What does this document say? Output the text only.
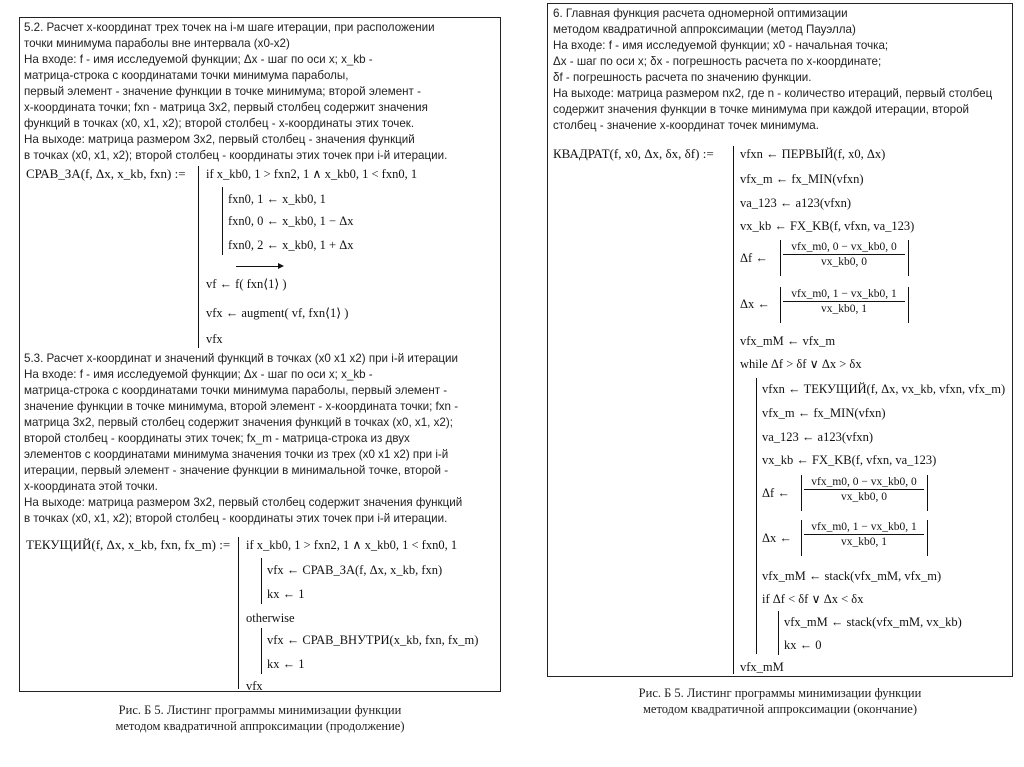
5.2. Расчет x-координат трех точек на i-м шаге итерации, при расположении
точки минимума параболы вне интервала (x0-x2)
На входе: f - имя исследуемой функции; Δx - шаг по оси x; x_kb -
матрица-строка с координатами точки минимума параболы,
первый элемент - значение функции в точке минимума; второй элемент -
x-координата точки; fxn - матрица 3x2, первый столбец содержит значения
функций в точках (x0, x1, x2); второй столбец - x-координаты этих точек.
На выходе: матрица размером 3x2, первый столбец - значения функций
в точках (x0, x1, x2); второй столбец - координаты этих точек при i-й итерации.
СРАВ_ЗА(f, Δx, x_kb, fxn) := if x_kb0, 1 > fxn2, 1 ∧ x_kb0, 1 < fxn0, 1
fxn0, 1 ← x_kb0, 1
fxn0, 0 ← x_kb0, 1 − Δx
fxn0, 2 ← x_kb0, 1 + Δx
vf ← f( fxn⟨1⟩ )
vfx ← augment( vf, fxn⟨1⟩ )
vfx
5.3. Расчет x-координат и значений функций в точках (x0 x1 x2) при i-й итерации
На входе: f - имя исследуемой функции; Δx - шаг по оси x; x_kb -
матрица-строка с координатами точки минимума параболы, первый элемент -
значение функции в точке минимума, второй элемент - x-координата точки; fxn -
матрица 3x2, первый столбец содержит значения функций в точках (x0, x1, x2);
второй столбец - координаты этих точек; fx_m - матрица-строка из двух
элементов с координатами минимума значения точки из трех (x0 x1 x2) при i-й
итерации, первый элемент - значение функции в минимальной точке, второй -
x-координата этой точки.
На выходе: матрица размером 3x2, первый столбец содержит значения функций
в точках (x0, x1, x2); второй столбец - координаты этих точек при i-й итерации.
ТЕКУЩИЙ(f, Δx, x_kb, fxn, fx_m) := if x_kb0, 1 > fxn2, 1 ∧ x_kb0, 1 < fxn0, 1
vfx ← СРАВ_ЗА(f, Δx, x_kb, fxn)
kx ← 1
otherwise
vfx ← СРАВ_ВНУТРИ(x_kb, fxn, fx_m)
kx ← 1
vfx
Рис. Б 5. Листинг программы минимизации функции
методом квадратичной аппроксимации (продолжение)
6. Главная функция расчета одномерной оптимизации
методом квадратичной аппроксимации (метод Пауэлла)
На входе: f - имя исследуемой функции; x0 - начальная точка;
Δx - шаг по оси x; δx - погрешность расчета по x-координате;
δf - погрешность расчета по значению функции.
На выходе: матрица размером nx2, где n - количество итераций, первый столбец
содержит значения функции в точке минимума при каждой итерации, второй
столбец - значение x-координат точек минимума.
КВАДРАТ(f, x0, Δx, δx, δf) := vfxn ← ПЕРВЫЙ(f, x0, Δx)
vfx_m ← fx_MIN(vfxn)
va_123 ← a123(vfxn)
vx_kb ← FX_KB(f, vfxn, va_123)
Δf ←
vfx_m0, 0 − vx_kb0, 0
vx_kb0, 0
Δx ←
vfx_m0, 1 − vx_kb0, 1
vx_kb0, 1
vfx_mM ← vfx_m
while Δf > δf ∨ Δx > δx
vfxn ← ТЕКУЩИЙ(f, Δx, vx_kb, vfxn, vfx_m)
vfx_m ← fx_MIN(vfxn)
va_123 ← a123(vfxn)
vx_kb ← FX_KB(f, vfxn, va_123)
Δf ←
vfx_m0, 0 − vx_kb0, 0
vx_kb0, 0
Δx ←
vfx_m0, 1 − vx_kb0, 1
vx_kb0, 1
vfx_mM ← stack(vfx_mM, vfx_m)
if Δf < δf ∨ Δx < δx
vfx_mM ← stack(vfx_mM, vx_kb)
kx ← 0
vfx_mM
Рис. Б 5. Листинг программы минимизации функции
методом квадратичной аппроксимации (окончание)
